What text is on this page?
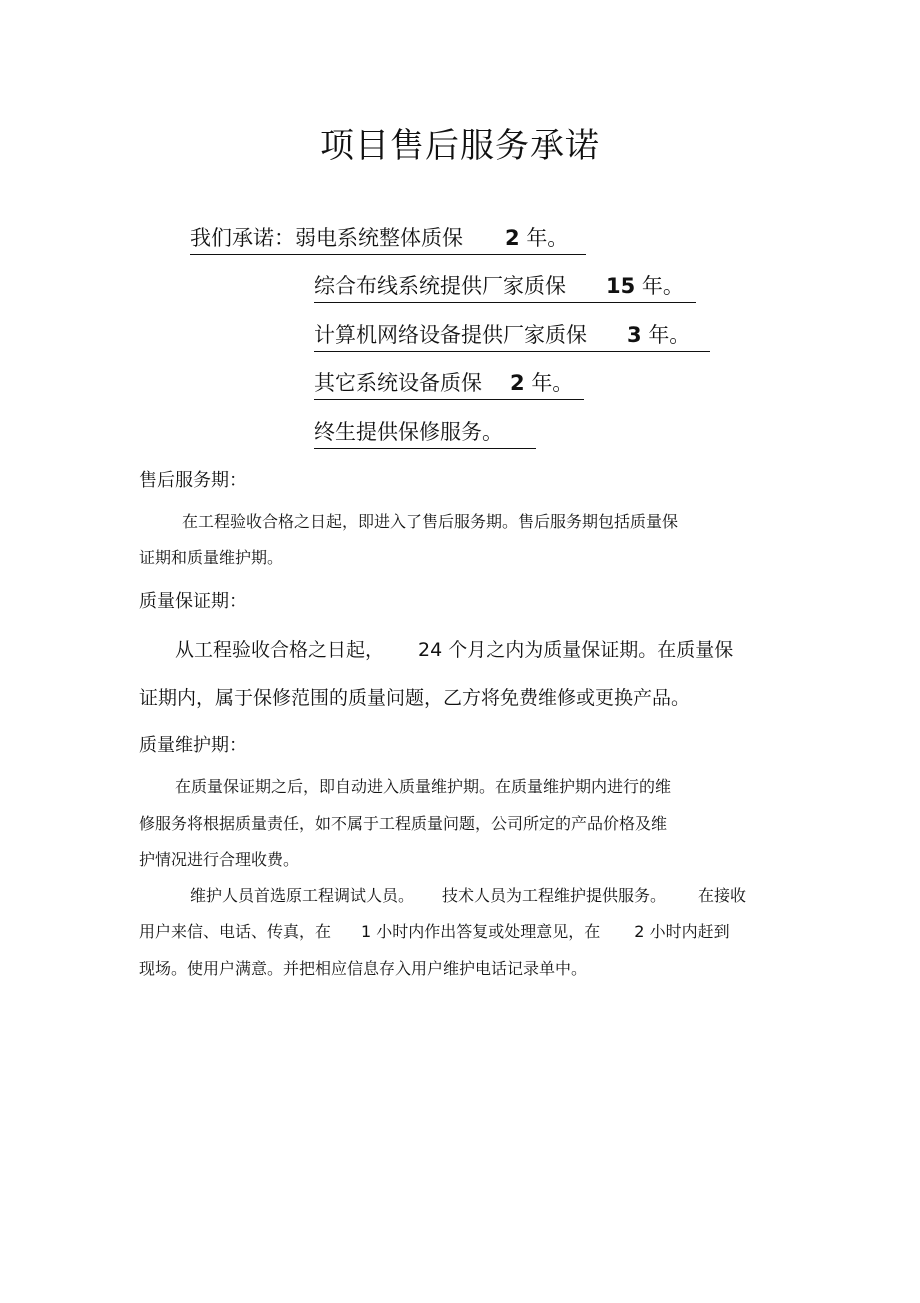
项目售后服务承诺
我们承诺：弱电系统整体质保 2 年。
综合布线系统提供厂家质保 15 年。
计算机网络设备提供厂家质保 3 年。
其它系统设备质保 2 年。
终生提供保修服务。
售后服务期：
在工程验收合格之日起，即进入了售后服务期。售后服务期包括质量保
证期和质量维护期。
质量保证期：
从工程验收合格之日起， 24 个月之内为质量保证期。在质量保
证期内，属于保修范围的质量问题，乙方将免费维修或更换产品。
质量维护期：
在质量保证期之后，即自动进入质量维护期。在质量维护期内进行的维
修服务将根据质量责任，如不属于工程质量问题，公司所定的产品价格及维
护情况进行合理收费。
维护人员首选原工程调试人员。 技术人员为工程维护提供服务。 在接收
用户来信、电话、传真，在 1 小时内作出答复或处理意见，在 2 小时内赶到
现场。使用户满意。并把相应信息存入用户维护电话记录单中。
